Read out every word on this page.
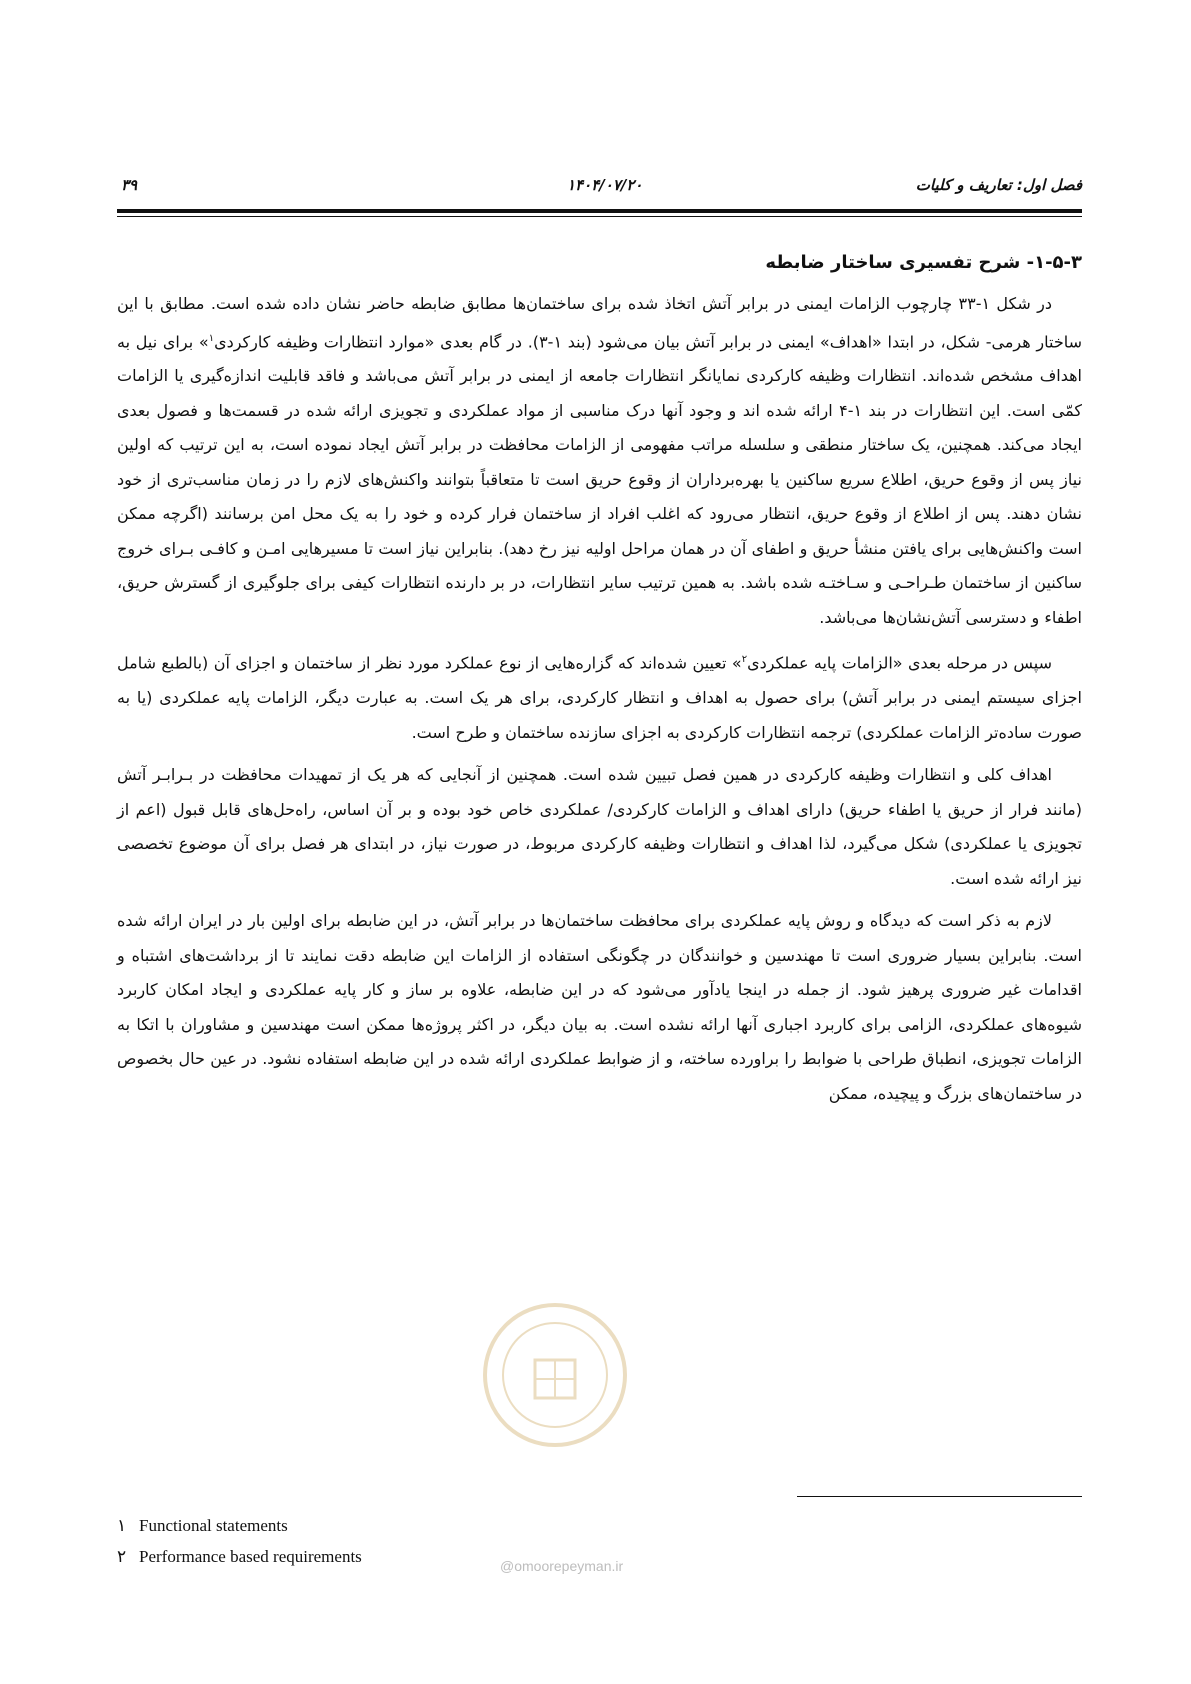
۳۹	۱۴۰۴/۰۷/۲۰	فصل اول: تعاریف و کلیات
۱-۵-۳- شرح تفسیری ساختار ضابطه

در شکل ۱-۳۳ چارچوب الزامات ایمنی در برابر آتش اتخاذ شده برای ساختمان‌ها مطابق ضابطه حاضر نشان داده شده است. مطابق با این ساختار هرمی- شکل، در ابتدا «اهداف» ایمنی در برابر آتش بیان می‌شود (بند ۱-۳). در گام بعدی «موارد انتظارات وظیفه کارکردی$^۱$» برای نیل به اهداف مشخص شده‌اند. انتظارات وظیفه کارکردی نمایانگر انتظارات جامعه از ایمنی در برابر آتش می‌باشد و فاقد قابلیت اندازه‌گیری یا الزامات کمّی است. این انتظارات در بند ۱-۴ ارائه شده اند و وجود آنها درک مناسبی از مواد عملکردی و تجویزی ارائه شده در قسمت‌ها و فصول بعدی ایجاد می‌کند. همچنین، یک ساختار منطقی و سلسله مراتب مفهومی از الزامات محافظت در برابر آتش ایجاد نموده است، به این ترتیب که اولین نیاز پس از وقوع حریق، اطلاع سریع ساکنین یا بهره‌برداران از وقوع حریق است تا متعاقباً بتوانند واکنش‌های لازم را در زمان مناسب‌تری از خود نشان دهند. پس از اطلاع از وقوع حریق، انتظار می‌رود که اغلب افراد از ساختمان فرار کرده و خود را به یک محل امن برسانند (اگرچه ممکن است واکنش‌هایی برای یافتن منشأ حریق و اطفای آن در همان مراحل اولیه نیز رخ دهد). بنابراین نیاز است تا مسیرهایی امـن و کافـی بـرای خروج ساکنین از ساختمان طـراحـی و سـاختـه شده باشد. به همین ترتیب سایر انتظارات، در بر دارنده انتظارات کیفی برای جلوگیری از گسترش حریق، اطفاء و دسترسی آتش‌نشان‌ها می‌باشد.

سپس در مرحله بعدی «الزامات پایه عملکردی$^۲$» تعیین شده‌اند که گزاره‌هایی از نوع عملکرد مورد نظر از ساختمان و اجزای آن (بالطبع شامل اجزای سیستم ایمنی در برابر آتش) برای حصول به اهداف و انتظار کارکردی، برای هر یک است. به عبارت دیگر، الزامات پایه عملکردی (یا به صورت ساده‌تر الزامات عملکردی) ترجمه انتظارات کارکردی به اجزای سازنده ساختمان و طرح است.

اهداف کلی و انتظارات وظیفه کارکردی در همین فصل تبیین شده است. همچنین از آنجایی که هر یک از تمهیدات محافظت در بـرابـر آتش (مانند فرار از حریق یا اطفاء حریق) دارای اهداف و الزامات کارکردی/ عملکردی خاص خود بوده و بر آن اساس، راه‌حل‌های قابل قبول (اعم از تجویزی یا عملکردی) شکل می‌گیرد، لذا اهداف و انتظارات وظیفه کارکردی مربوط، در صورت نیاز، در ابتدای هر فصل برای آن موضوع تخصصی نیز ارائه شده است.

لازم به ذکر است که دیدگاه و روش پایه عملکردی برای محافظت ساختمان‌ها در برابر آتش، در این ضابطه برای اولین بار در ایران ارائه شده است. بنابراین بسیار ضروری است تا مهندسین و خوانندگان در چگونگی استفاده از الزامات این ضابطه دقت نمایند تا از برداشت‌های اشتباه و اقدامات غیر ضروری پرهیز شود. از جمله در اینجا یادآور می‌شود که در این ضابطه، علاوه بر ساز و کار پایه عملکردی و ایجاد امکان کاربرد شیوه‌های عملکردی، الزامی برای کاربرد اجباری آنها ارائه نشده است. به بیان دیگر، در اکثر پروژه‌ها ممکن است مهندسین و مشاوران با اتکا به الزامات تجویزی، انطباق طراحی با ضوابط را براورده ساخته، و از ضوابط عملکردی ارائه شده در این ضابطه استفاده نشود. در عین حال بخصوص در ساختمان‌های بزرگ و پیچیده، ممکن

@omoorepeyman.ir
۱ Functional statements
۲ Performance based requirements
